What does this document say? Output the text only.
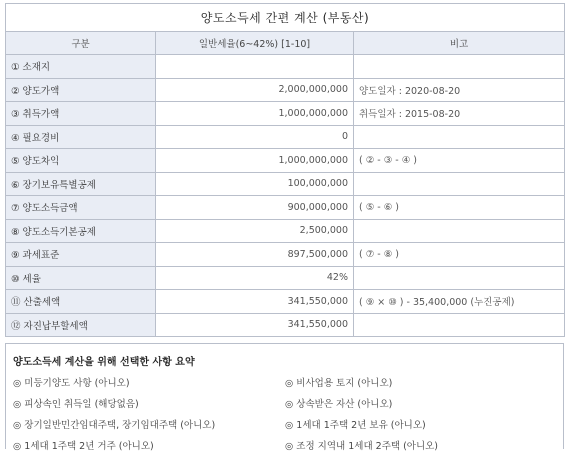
양도소득세 간편 계산 (부동산)		
구분	일반세율(6~42%) [1-10]	비고
① 소재지		
② 양도가액	2,000,000,000	양도일자 : 2020-08-20
③ 취득가액	1,000,000,000	취득일자 : 2015-08-20
④ 필요경비	0	
⑤ 양도차익	1,000,000,000	( ② - ③ - ④ )
⑥ 장기보유특별공제	100,000,000	
⑦ 양도소득금액	900,000,000	( ⑤ - ⑥ )
⑧ 양도소득기본공제	2,500,000	
⑨ 과세표준	897,500,000	( ⑦ - ⑧ )
⑩ 세율	42%	
⑪ 산출세액	341,550,000	( ⑨ × ⑩ ) - 35,400,000 (누진공제)
⑫ 자진납부할세액	341,550,000	
양도소득세 계산을 위해 선택한 사항 요약
◎ 미등기양도 사항 (아니오)
◎ 피상속인 취득일 (해당없음)
◎ 장기일반민간임대주택, 장기임대주택 (아니오)
◎ 1세대 1주택 2년 거주 (아니오)
◎ 비사업용 토지 (아니오)
◎ 상속받은 자산 (아니오)
◎ 1세대 1주택 2년 보유 (아니오)
◎ 조정 지역내 1세대 2주택 (아니오)
